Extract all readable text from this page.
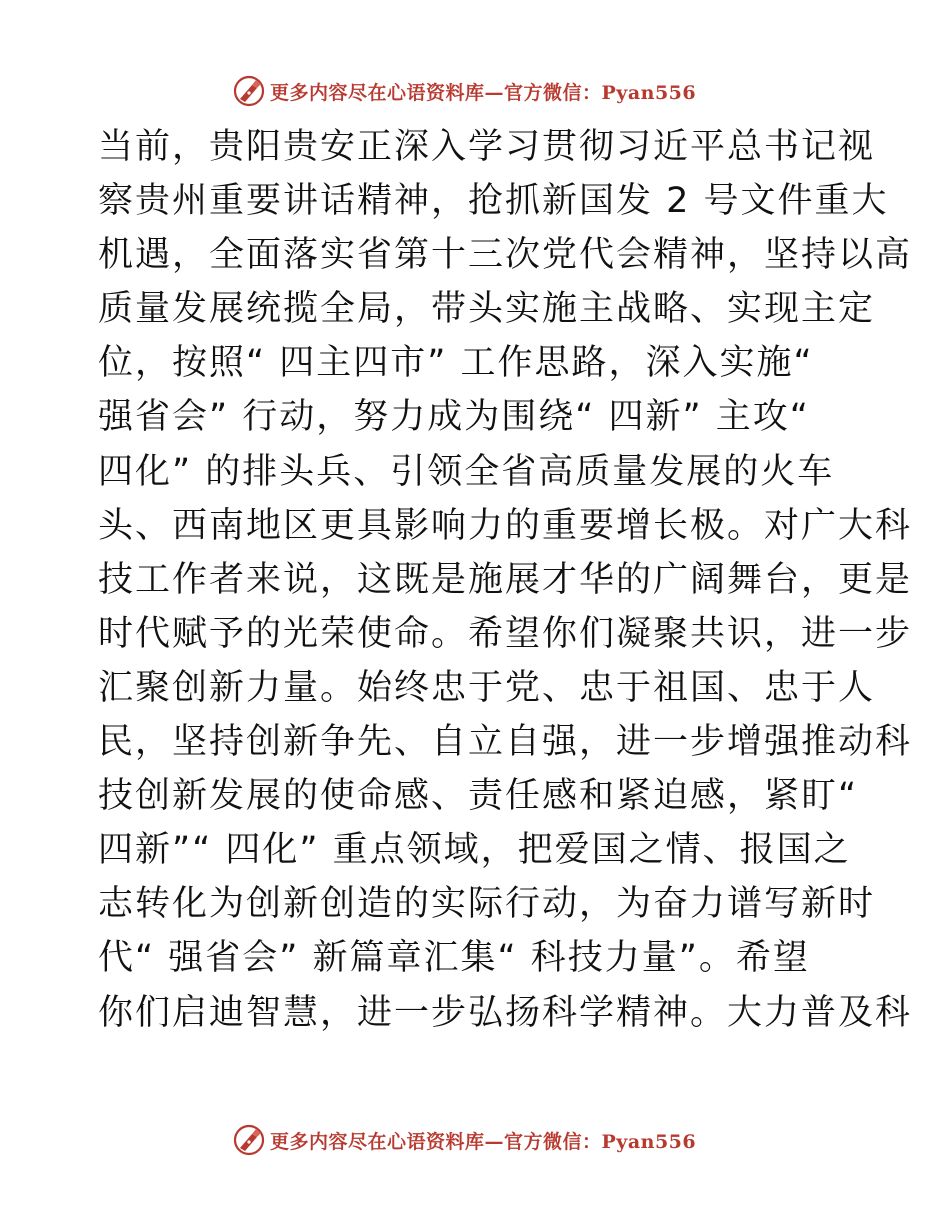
更多内容尽在心语资料库—官方微信：Pyan556
当前，贵阳贵安正深入学习贯彻习近平总书记视
察贵州重要讲话精神，抢抓新国发 2 号文件重大
机遇，全面落实省第十三次党代会精神，坚持以高
质量发展统揽全局，带头实施主战略、实现主定
位，按照“ 四主四市” 工作思路，深入实施“
强省会” 行动，努力成为围绕“ 四新” 主攻“
四化” 的排头兵、引领全省高质量发展的火车
头、西南地区更具影响力的重要增长极。对广大科
技工作者来说，这既是施展才华的广阔舞台，更是
时代赋予的光荣使命。希望你们凝聚共识，进一步
汇聚创新力量。始终忠于党、忠于祖国、忠于人
民，坚持创新争先、自立自强，进一步增强推动科
技创新发展的使命感、责任感和紧迫感，紧盯“
四新”“ 四化” 重点领域，把爱国之情、报国之
志转化为创新创造的实际行动，为奋力谱写新时
代“ 强省会” 新篇章汇集“ 科技力量”。希望
你们启迪智慧，进一步弘扬科学精神。大力普及科
更多内容尽在心语资料库—官方微信：Pyan556
